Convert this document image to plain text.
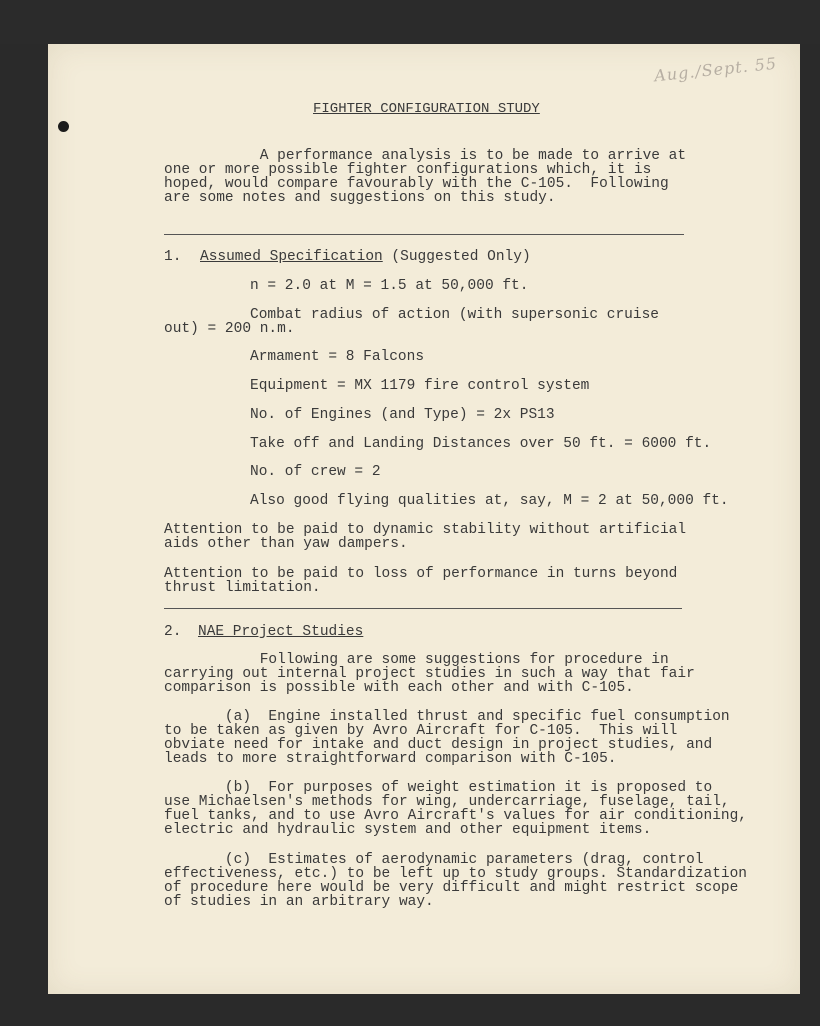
Aug./Sept. 55
FIGHTER CONFIGURATION STUDY
A performance analysis is to be made to arrive at
one or more possible fighter configurations which, it is
hoped, would compare favourably with the C-105.  Following
are some notes and suggestions on this study.
1. Assumed Specification (Suggested Only)
n = 2.0 at M = 1.5 at 50,000 ft.
Combat radius of action (with supersonic cruise
out) = 200 n.m.
Armament = 8 Falcons
Equipment = MX 1179 fire control system
No. of Engines (and Type) = 2x PS13
Take off and Landing Distances over 50 ft. = 6000 ft.
No. of crew = 2
Also good flying qualities at, say, M = 2 at 50,000 ft.
Attention to be paid to dynamic stability without artificial
aids other than yaw dampers.
Attention to be paid to loss of performance in turns beyond
thrust limitation.
2. NAE Project Studies
Following are some suggestions for procedure in
carrying out internal project studies in such a way that fair
comparison is possible with each other and with C-105.
(a)  Engine installed thrust and specific fuel consumption
to be taken as given by Avro Aircraft for C-105.  This will
obviate need for intake and duct design in project studies, and
leads to more straightforward comparison with C-105.
(b)  For purposes of weight estimation it is proposed to
use Michaelsen's methods for wing, undercarriage, fuselage, tail,
fuel tanks, and to use Avro Aircraft's values for air conditioning,
electric and hydraulic system and other equipment items.
(c)  Estimates of aerodynamic parameters (drag, control
effectiveness, etc.) to be left up to study groups. Standardization
of procedure here would be very difficult and might restrict scope
of studies in an arbitrary way.
